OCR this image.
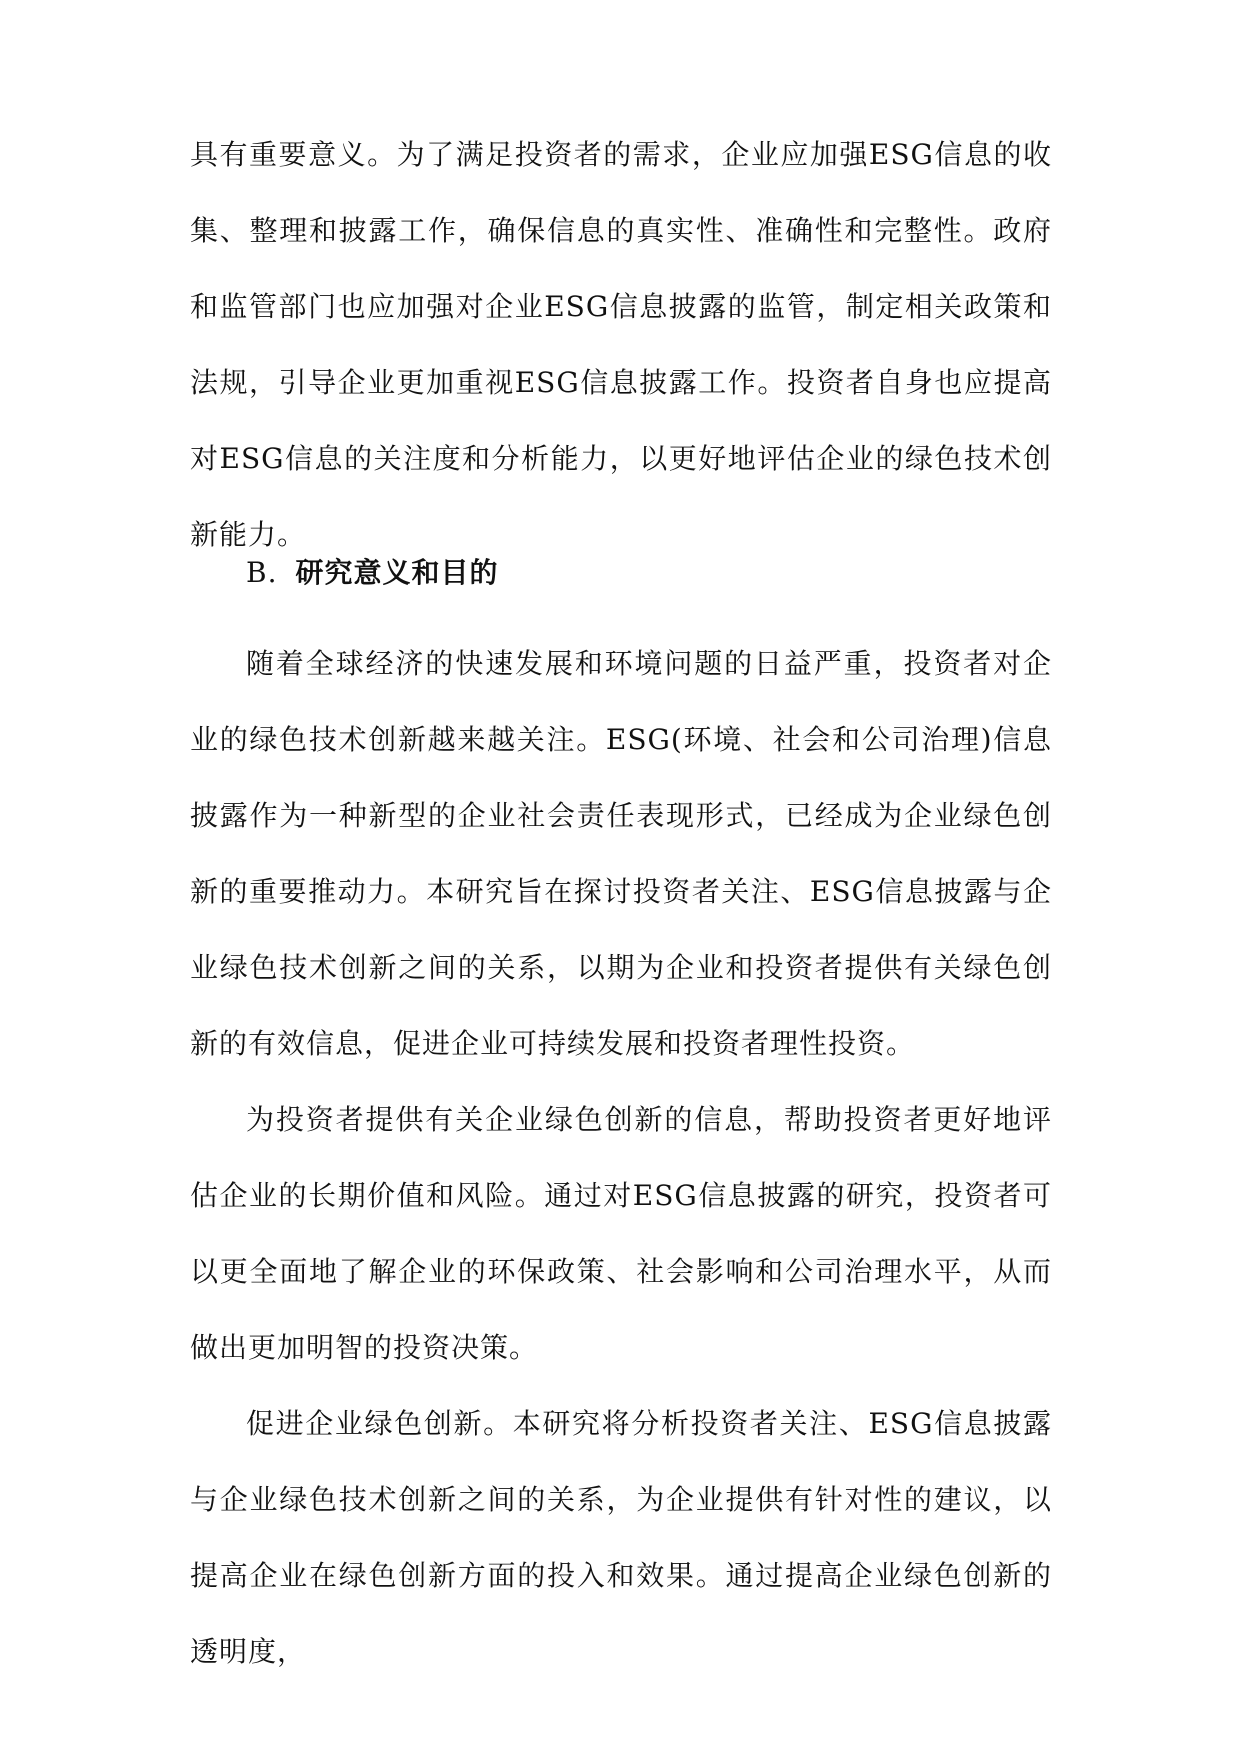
具有重要意义。为了满足投资者的需求，企业应加强ESG信息的收集、整理和披露工作，确保信息的真实性、准确性和完整性。政府和监管部门也应加强对企业ESG信息披露的监管，制定相关政策和法规，引导企业更加重视ESG信息披露工作。投资者自身也应提高对ESG信息的关注度和分析能力，以更好地评估企业的绿色技术创新能力。

B. 研究意义和目的

随着全球经济的快速发展和环境问题的日益严重，投资者对企业的绿色技术创新越来越关注。ESG(环境、社会和公司治理)信息披露作为一种新型的企业社会责任表现形式，已经成为企业绿色创新的重要推动力。本研究旨在探讨投资者关注、ESG信息披露与企业绿色技术创新之间的关系，以期为企业和投资者提供有关绿色创新的有效信息，促进企业可持续发展和投资者理性投资。

为投资者提供有关企业绿色创新的信息，帮助投资者更好地评估企业的长期价值和风险。通过对ESG信息披露的研究，投资者可以更全面地了解企业的环保政策、社会影响和公司治理水平，从而做出更加明智的投资决策。

促进企业绿色创新。本研究将分析投资者关注、ESG信息披露与企业绿色技术创新之间的关系，为企业提供有针对性的建议，以提高企业在绿色创新方面的投入和效果。通过提高企业绿色创新的透明度，
